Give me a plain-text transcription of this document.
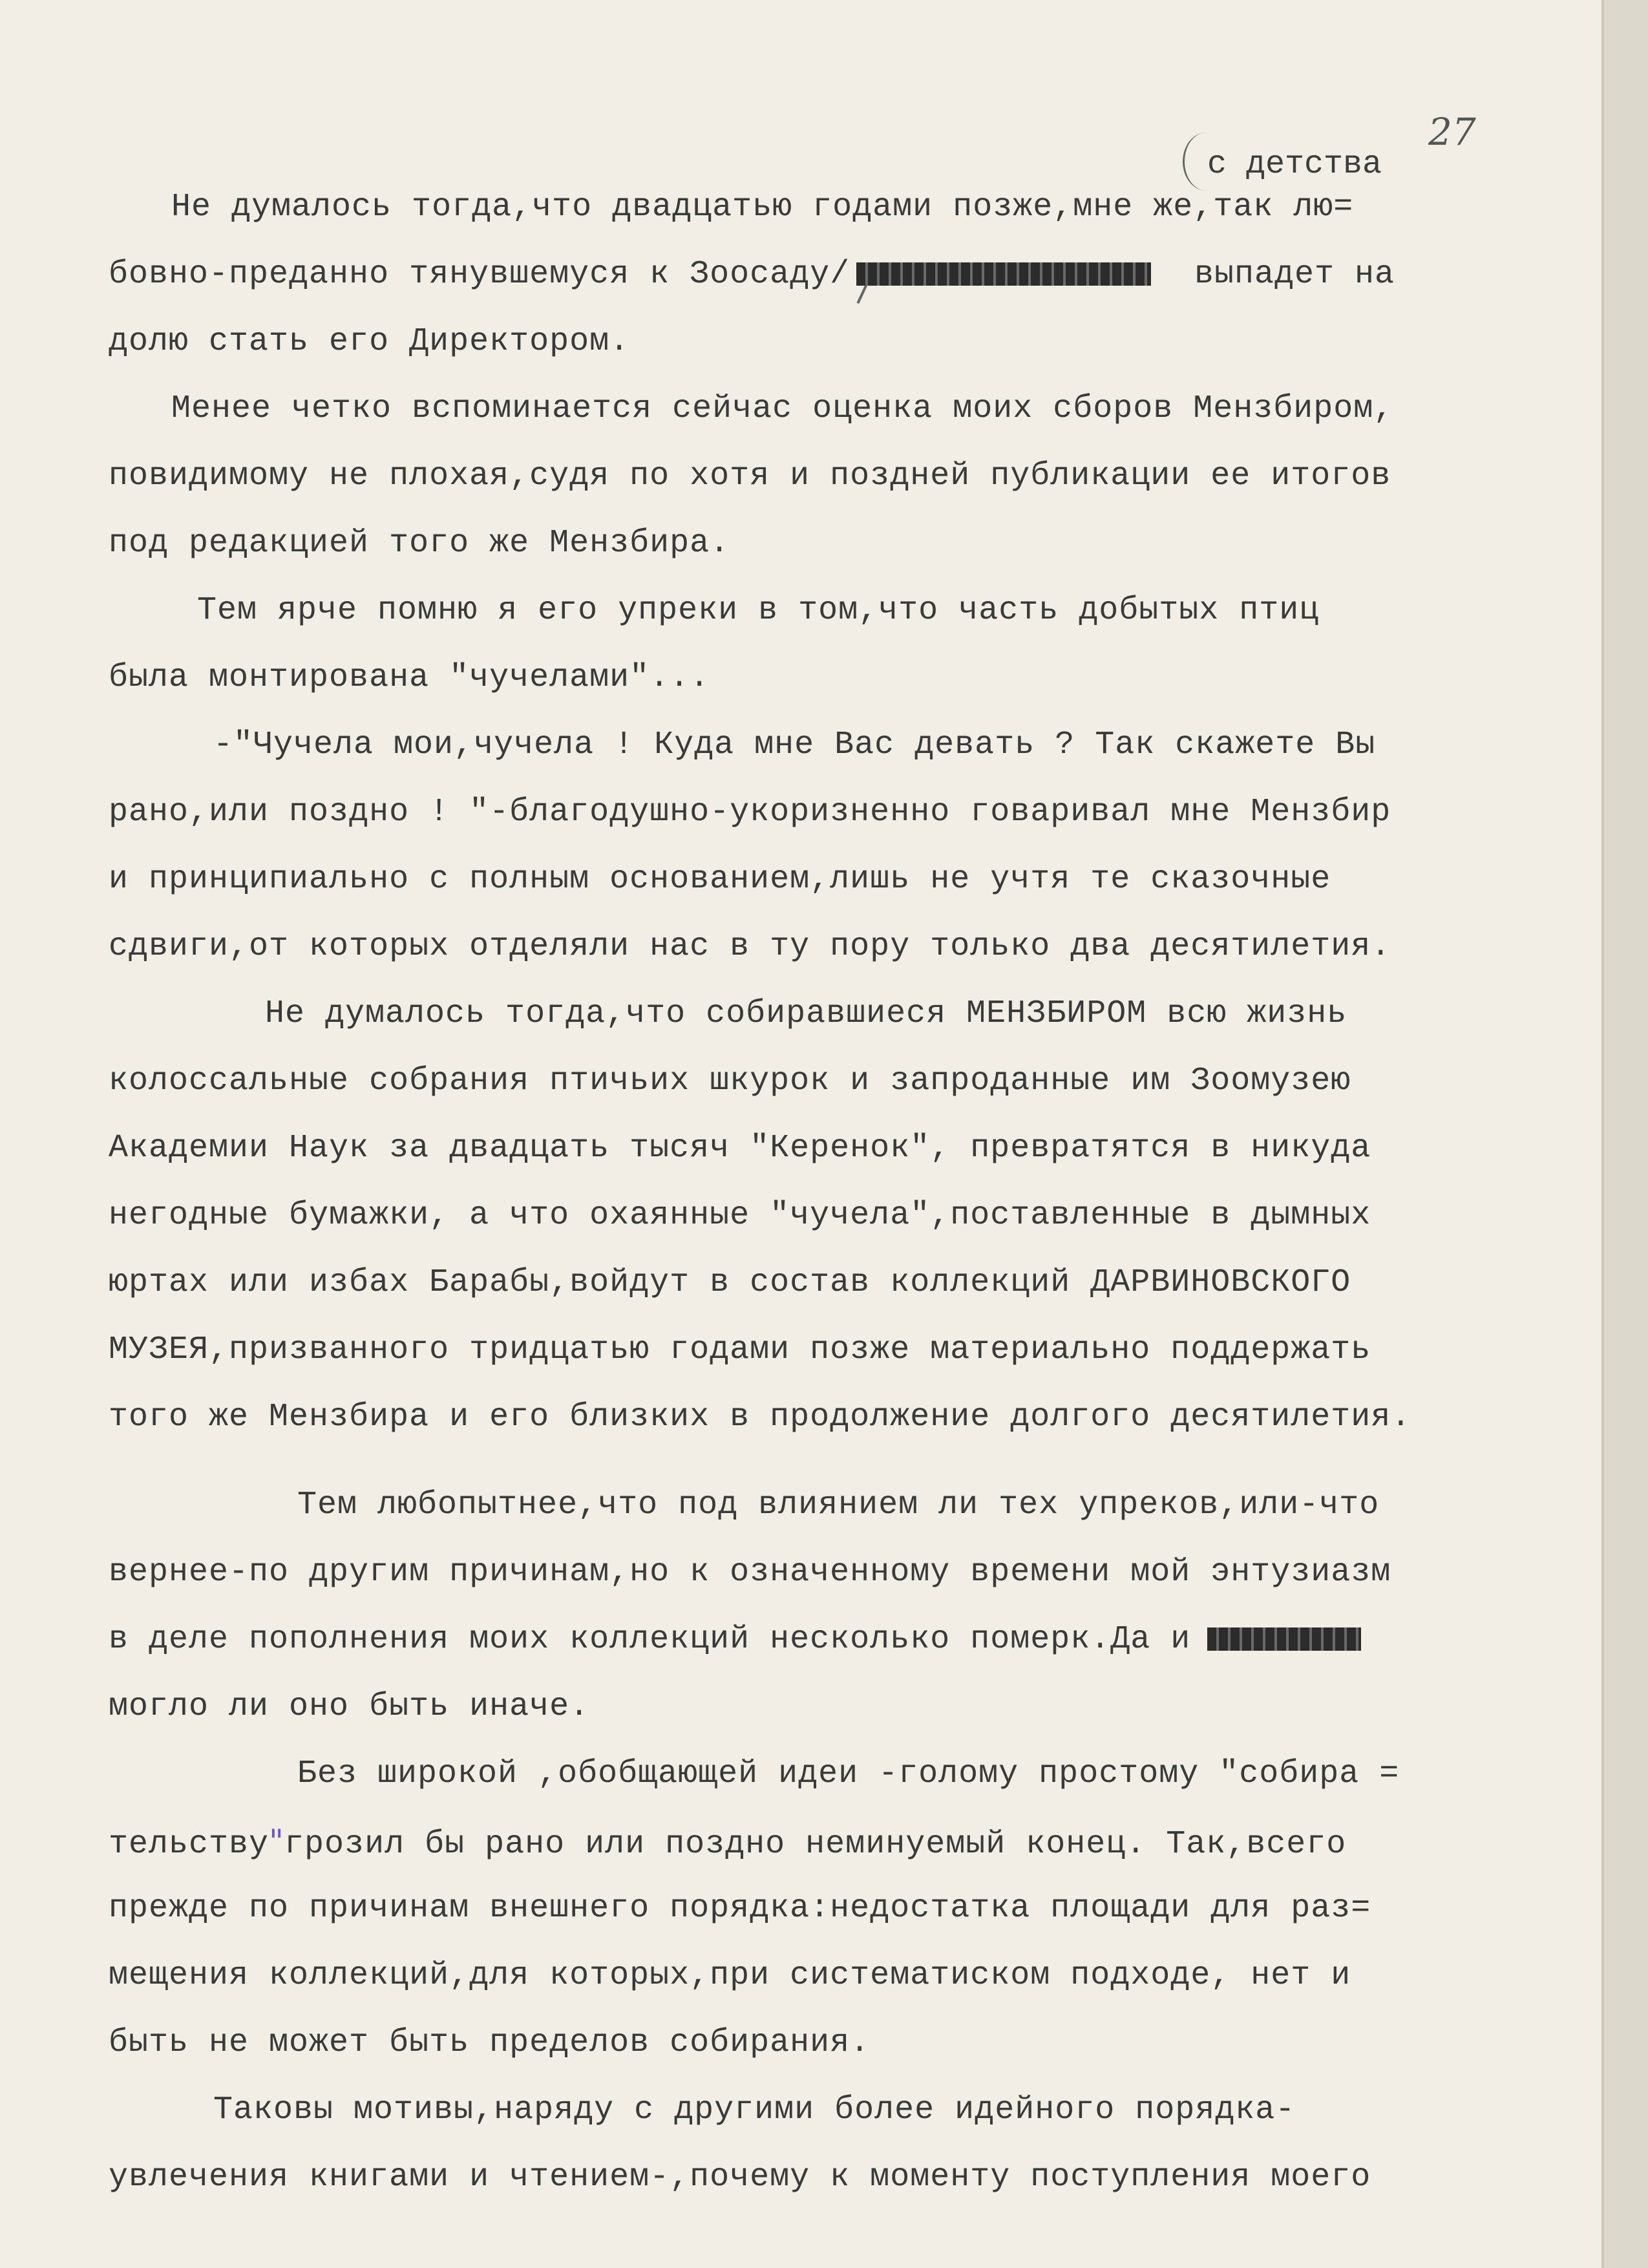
27
с детства
Не думалось тогда,что двадцатью годами позже,мне же,так лю=
бовно-преданно тянувшемуся к Зоосаду/	выпадет на
долю стать его Директором.
Менее четко вспоминается сейчас оценка моих сборов Мензбиром,
повидимому не плохая,судя по хотя и поздней публикации ее итогов
под редакцией того же Мензбира.
Тем ярче помню я его упреки в том,что часть добытых птиц
была монтирована "чучелами"...
-"Чучела мои,чучела ! Куда мне Вас девать ? Так скажете Вы
рано,или поздно ! "-благодушно-укоризненно говаривал мне Мензбир
и принципиально с полным основанием,лишь не учтя те сказочные
сдвиги,от которых отделяли нас в ту пору только два десятилетия.
Не думалось тогда,что собиравшиеся МЕНЗБИРОМ всю жизнь
колоссальные собрания птичьих шкурок и запроданные им Зоомузею
Академии Наук за двадцать тысяч "Керенок", превратятся в никуда
негодные бумажки, а что охаянные "чучела",поставленные в дымных
юртах или избах Барабы,войдут в состав коллекций ДАРВИНОВСКОГО
МУЗЕЯ,призванного тридцатью годами позже материально поддержать
того же Мензбира и его близких в продолжение долгого десятилетия.
Тем любопытнее,что под влиянием ли тех упреков,или-что
вернее-по другим причинам,но к означенному времени мой энтузиазм
в деле пополнения моих коллекций несколько померк.Да и
могло ли оно быть иначе.
Без широкой ,обобщающей идеи -голому простому "собира =
тельству"грозил бы рано или поздно неминуемый конец. Так,всего
прежде по причинам внешнего порядка:недостатка площади для раз=
мещения коллекций,для которых,при систематиском подходе, нет и
быть не может быть пределов собирания.
Таковы мотивы,наряду с другими более идейного порядка-
увлечения книгами и чтением-,почему к моменту поступления моего
